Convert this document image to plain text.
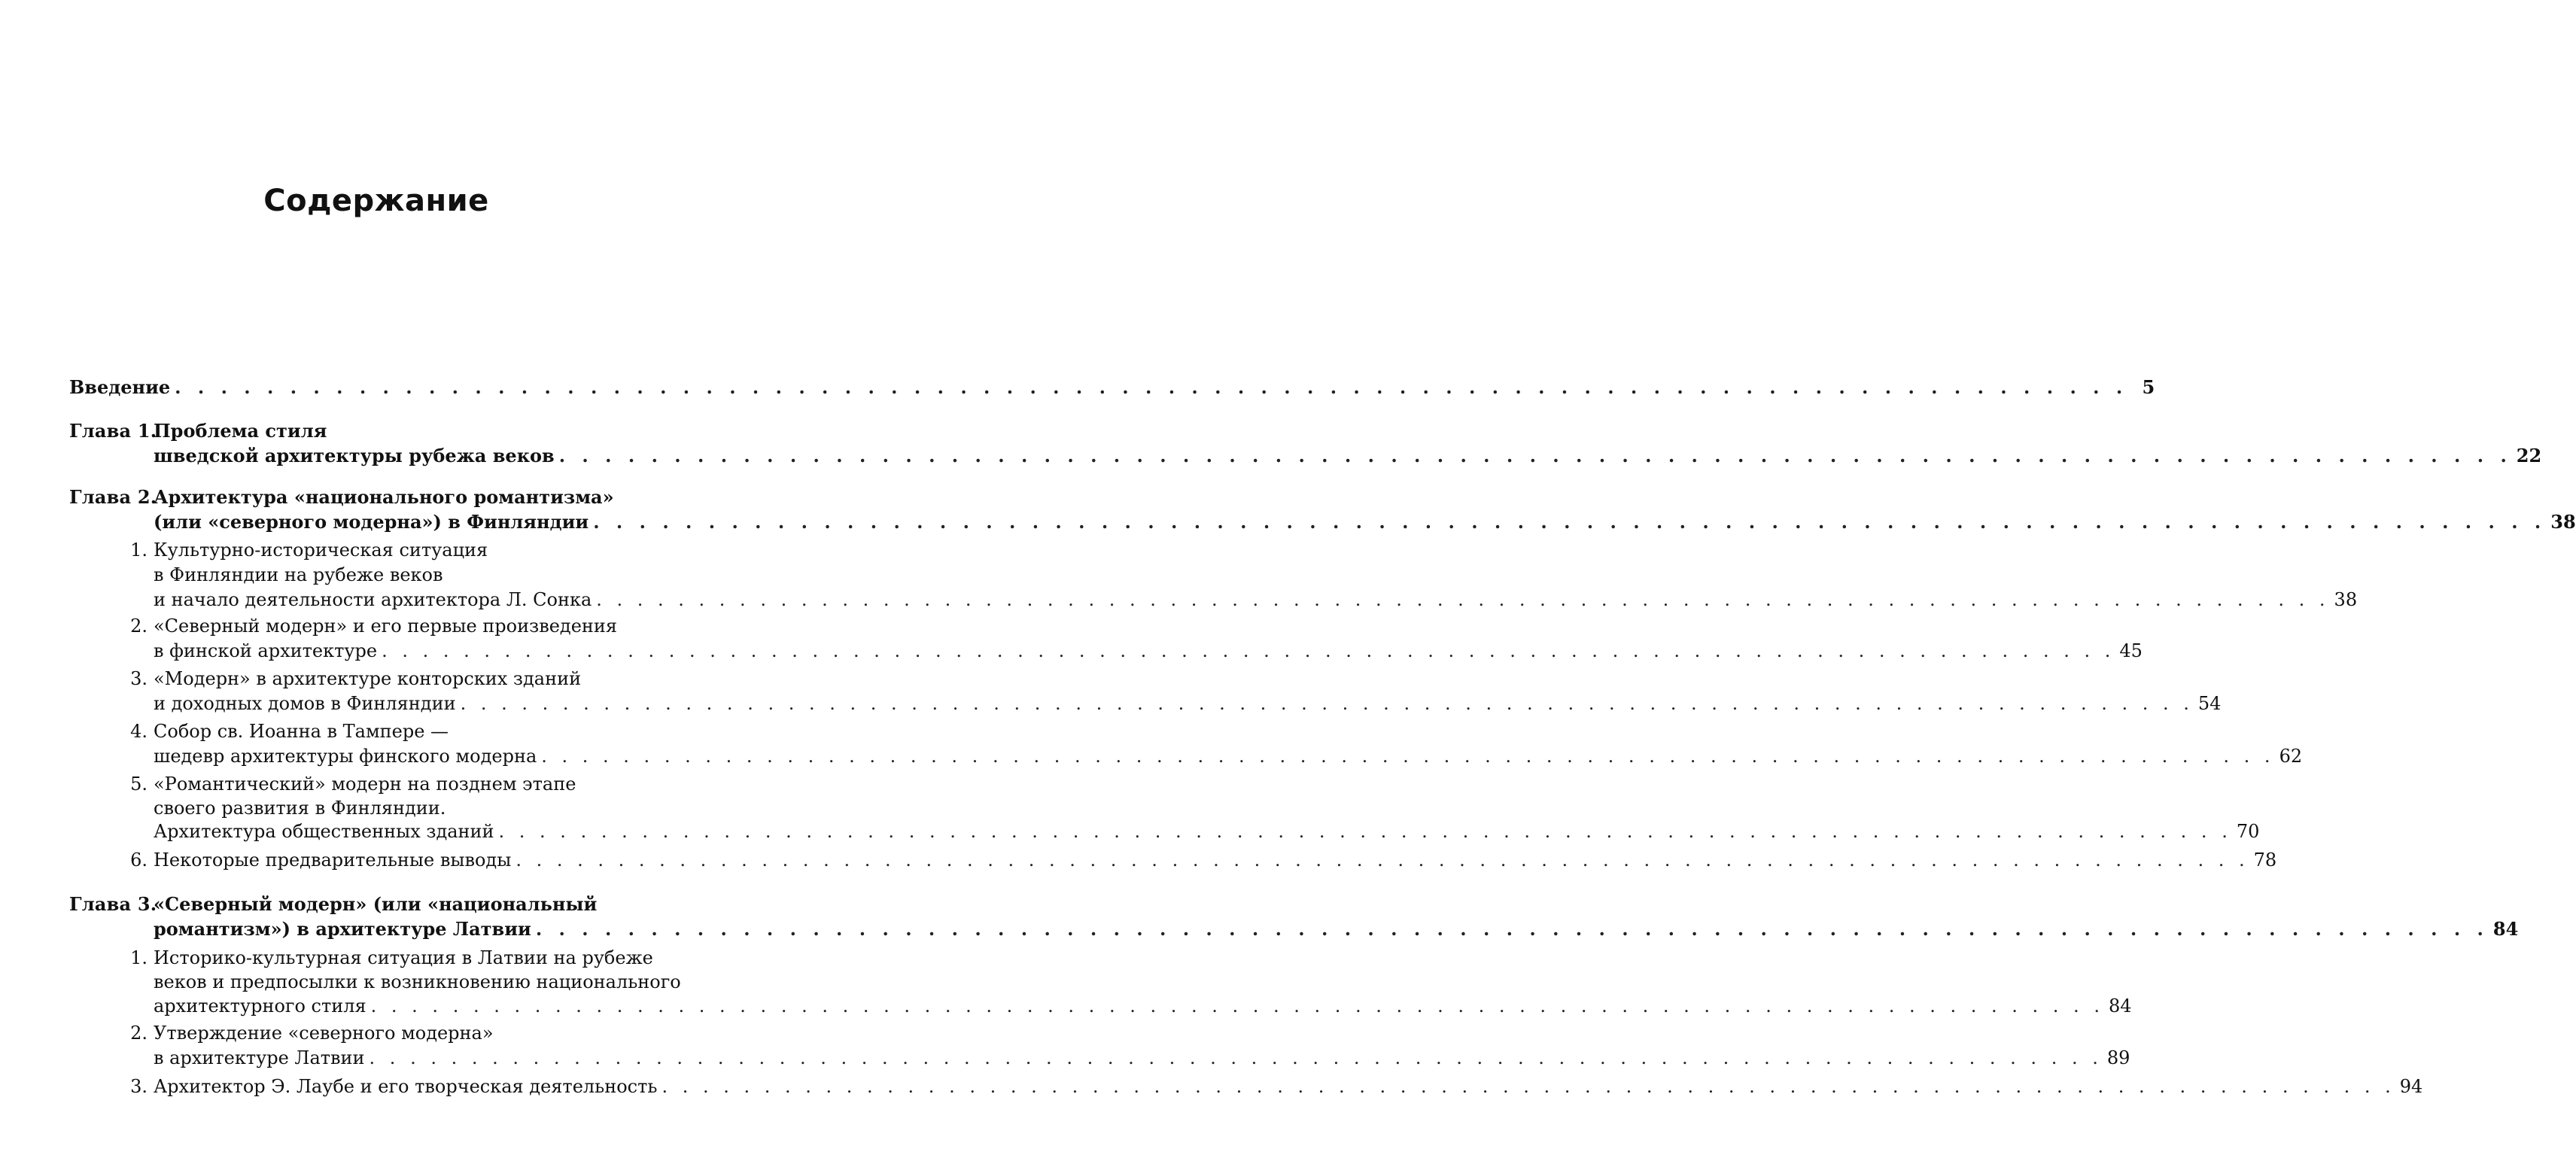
Содержание
Введение . . . . . . . . . . . . . . . . . . . . . . . . . . . . . . . . . . . . . . . . . . . . . . . . . . . . . . . . . . . . . . . . . . . . . . . . . . . . . . . . . . . . . 5
Глава 1.
Проблема стиля
шведской архитектуры рубежа веков . . . . . . . . . . . . . . . . . . . . . . . . . . . . . . . . . . . . . . . . . . . . . . . . . . . . . . . . . . . . . . . . . . . . . . . . . . . . . . . . . . . . . 22
Глава 2.
Архитектура «национального романтизма»
(или «северного модерна») в Финляндии . . . . . . . . . . . . . . . . . . . . . . . . . . . . . . . . . . . . . . . . . . . . . . . . . . . . . . . . . . . . . . . . . . . . . . . . . . . . . . . . . . . . . 38
1. Культурно-историческая ситуация
в Финляндии на рубеже веков
и начало деятельности архитектора Л. Сонка . . . . . . . . . . . . . . . . . . . . . . . . . . . . . . . . . . . . . . . . . . . . . . . . . . . . . . . . . . . . . . . . . . . . . . . . . . . . . . . . . . . . . 38
2. «Северный модерн» и его первые произведения
в финской архитектуре . . . . . . . . . . . . . . . . . . . . . . . . . . . . . . . . . . . . . . . . . . . . . . . . . . . . . . . . . . . . . . . . . . . . . . . . . . . . . . . . . . . . . 45
3. «Модерн» в архитектуре конторских зданий
и доходных домов в Финляндии . . . . . . . . . . . . . . . . . . . . . . . . . . . . . . . . . . . . . . . . . . . . . . . . . . . . . . . . . . . . . . . . . . . . . . . . . . . . . . . . . . . . . 54
4. Собор св. Иоанна в Тампере —
шедевр архитектуры финского модерна . . . . . . . . . . . . . . . . . . . . . . . . . . . . . . . . . . . . . . . . . . . . . . . . . . . . . . . . . . . . . . . . . . . . . . . . . . . . . . . . . . . . . 62
5. «Романтический» модерн на позднем этапе
своего развития в Финляндии.
Архитектура общественных зданий . . . . . . . . . . . . . . . . . . . . . . . . . . . . . . . . . . . . . . . . . . . . . . . . . . . . . . . . . . . . . . . . . . . . . . . . . . . . . . . . . . . . . 70
6. Некоторые предварительные выводы . . . . . . . . . . . . . . . . . . . . . . . . . . . . . . . . . . . . . . . . . . . . . . . . . . . . . . . . . . . . . . . . . . . . . . . . . . . . . . . . . . . . . 78
Глава 3.
«Северный модерн» (или «национальный
романтизм») в архитектуре Латвии . . . . . . . . . . . . . . . . . . . . . . . . . . . . . . . . . . . . . . . . . . . . . . . . . . . . . . . . . . . . . . . . . . . . . . . . . . . . . . . . . . . . . 84
1. Историко-культурная ситуация в Латвии на рубеже
веков и предпосылки к возникновению национального
архитектурного стиля . . . . . . . . . . . . . . . . . . . . . . . . . . . . . . . . . . . . . . . . . . . . . . . . . . . . . . . . . . . . . . . . . . . . . . . . . . . . . . . . . . . . . 84
2. Утверждение «северного модерна»
в архитектуре Латвии . . . . . . . . . . . . . . . . . . . . . . . . . . . . . . . . . . . . . . . . . . . . . . . . . . . . . . . . . . . . . . . . . . . . . . . . . . . . . . . . . . . . . 89
3. Архитектор Э. Лаубе и его творческая деятельность . . . . . . . . . . . . . . . . . . . . . . . . . . . . . . . . . . . . . . . . . . . . . . . . . . . . . . . . . . . . . . . . . . . . . . . . . . . . . . . . . . . . . 94
